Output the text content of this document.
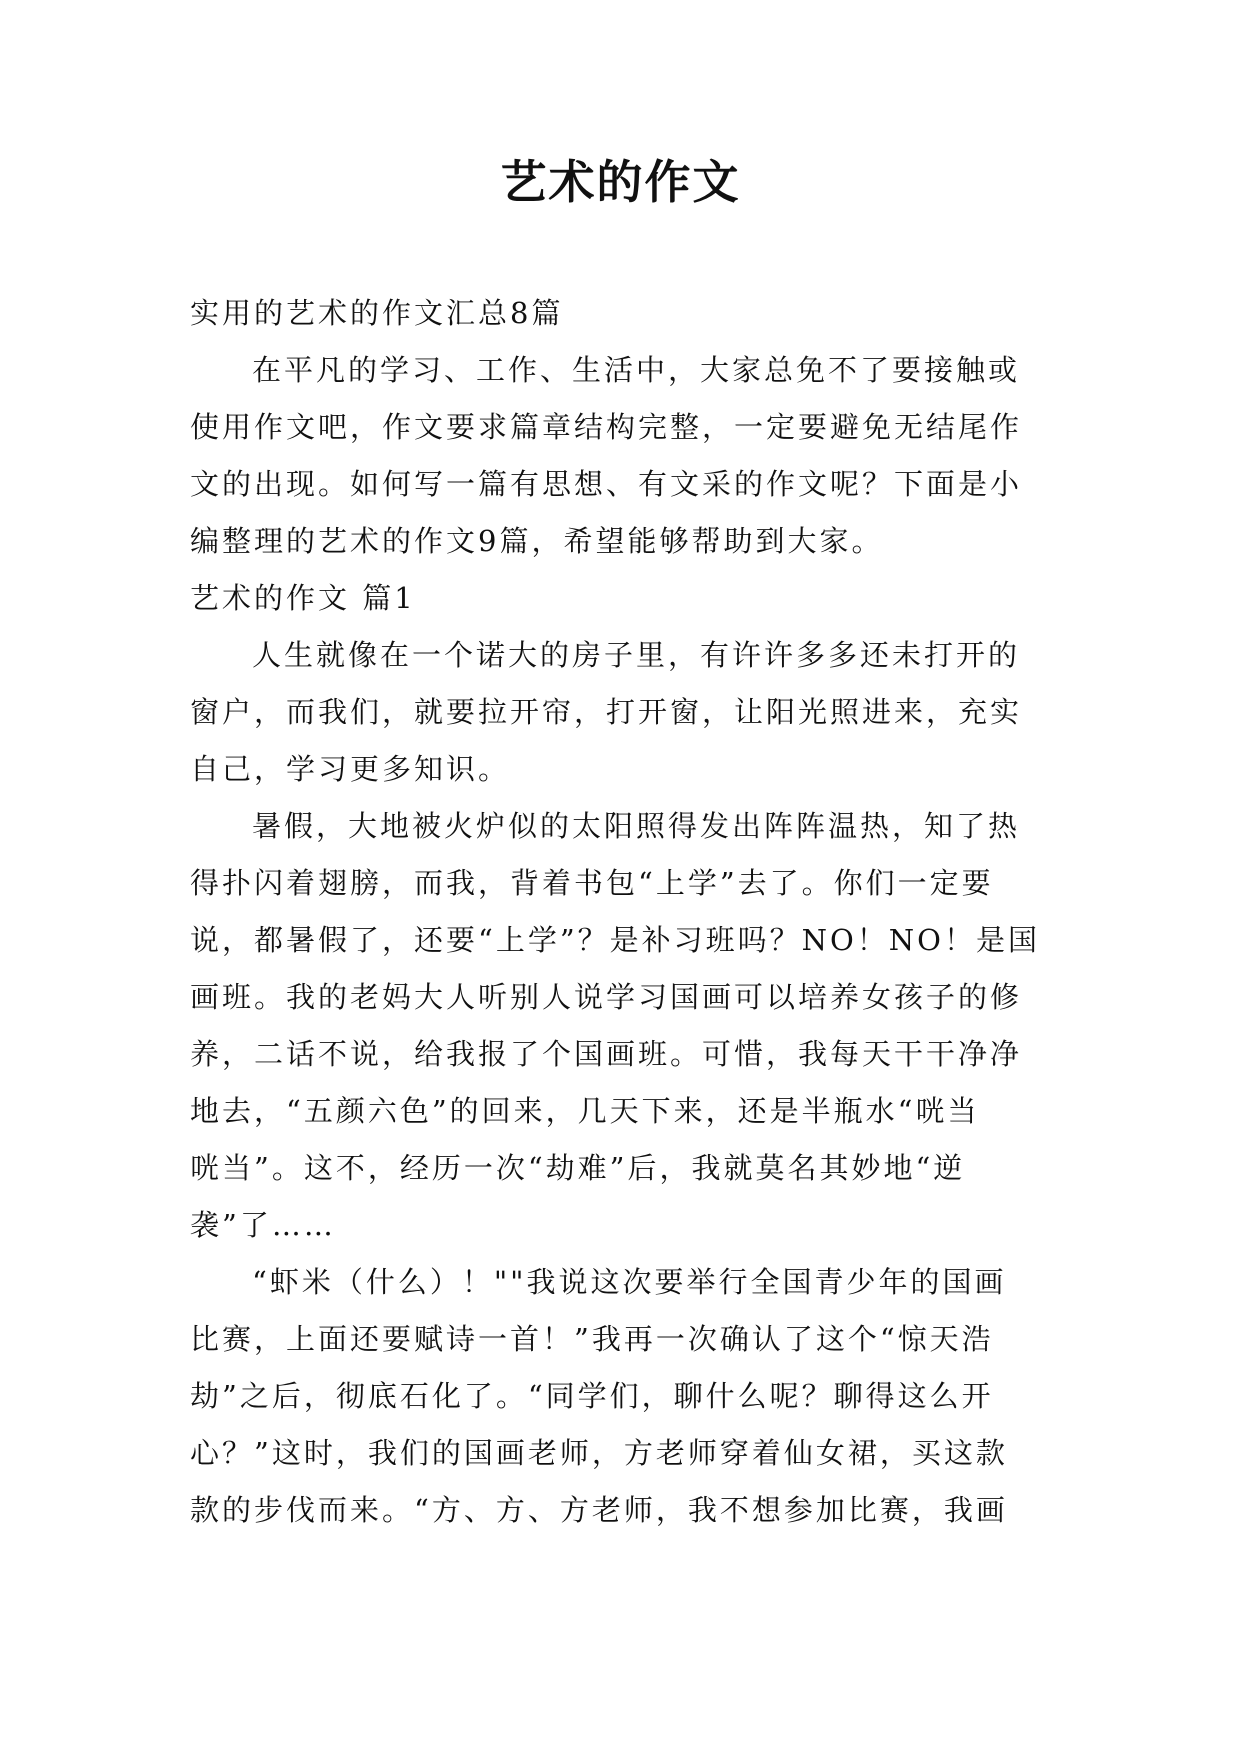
艺术的作文
实用的艺术的作文汇总8篇
在平凡的学习、工作、生活中，大家总免不了要接触或
使用作文吧，作文要求篇章结构完整，一定要避免无结尾作
文的出现。如何写一篇有思想、有文采的作文呢？下面是小
编整理的艺术的作文9篇，希望能够帮助到大家。
艺术的作文 篇1
人生就像在一个诺大的房子里，有许许多多还未打开的
窗户，而我们，就要拉开帘，打开窗，让阳光照进来，充实
自己，学习更多知识。
暑假，大地被火炉似的太阳照得发出阵阵温热，知了热
得扑闪着翅膀，而我，背着书包“上学”去了。你们一定要
说，都暑假了，还要“上学”？是补习班吗？NO！NO！是国
画班。我的老妈大人听别人说学习国画可以培养女孩子的修
养，二话不说，给我报了个国画班。可惜，我每天干干净净
地去，“五颜六色”的回来，几天下来，还是半瓶水“咣当
咣当”。这不，经历一次“劫难”后，我就莫名其妙地“逆
袭”了……
“虾米（什么）！""我说这次要举行全国青少年的国画
比赛，上面还要赋诗一首！”我再一次确认了这个“惊天浩
劫”之后，彻底石化了。“同学们，聊什么呢？聊得这么开
心？”这时，我们的国画老师，方老师穿着仙女裙，买这款
款的步伐而来。“方、方、方老师，我不想参加比赛，我画
